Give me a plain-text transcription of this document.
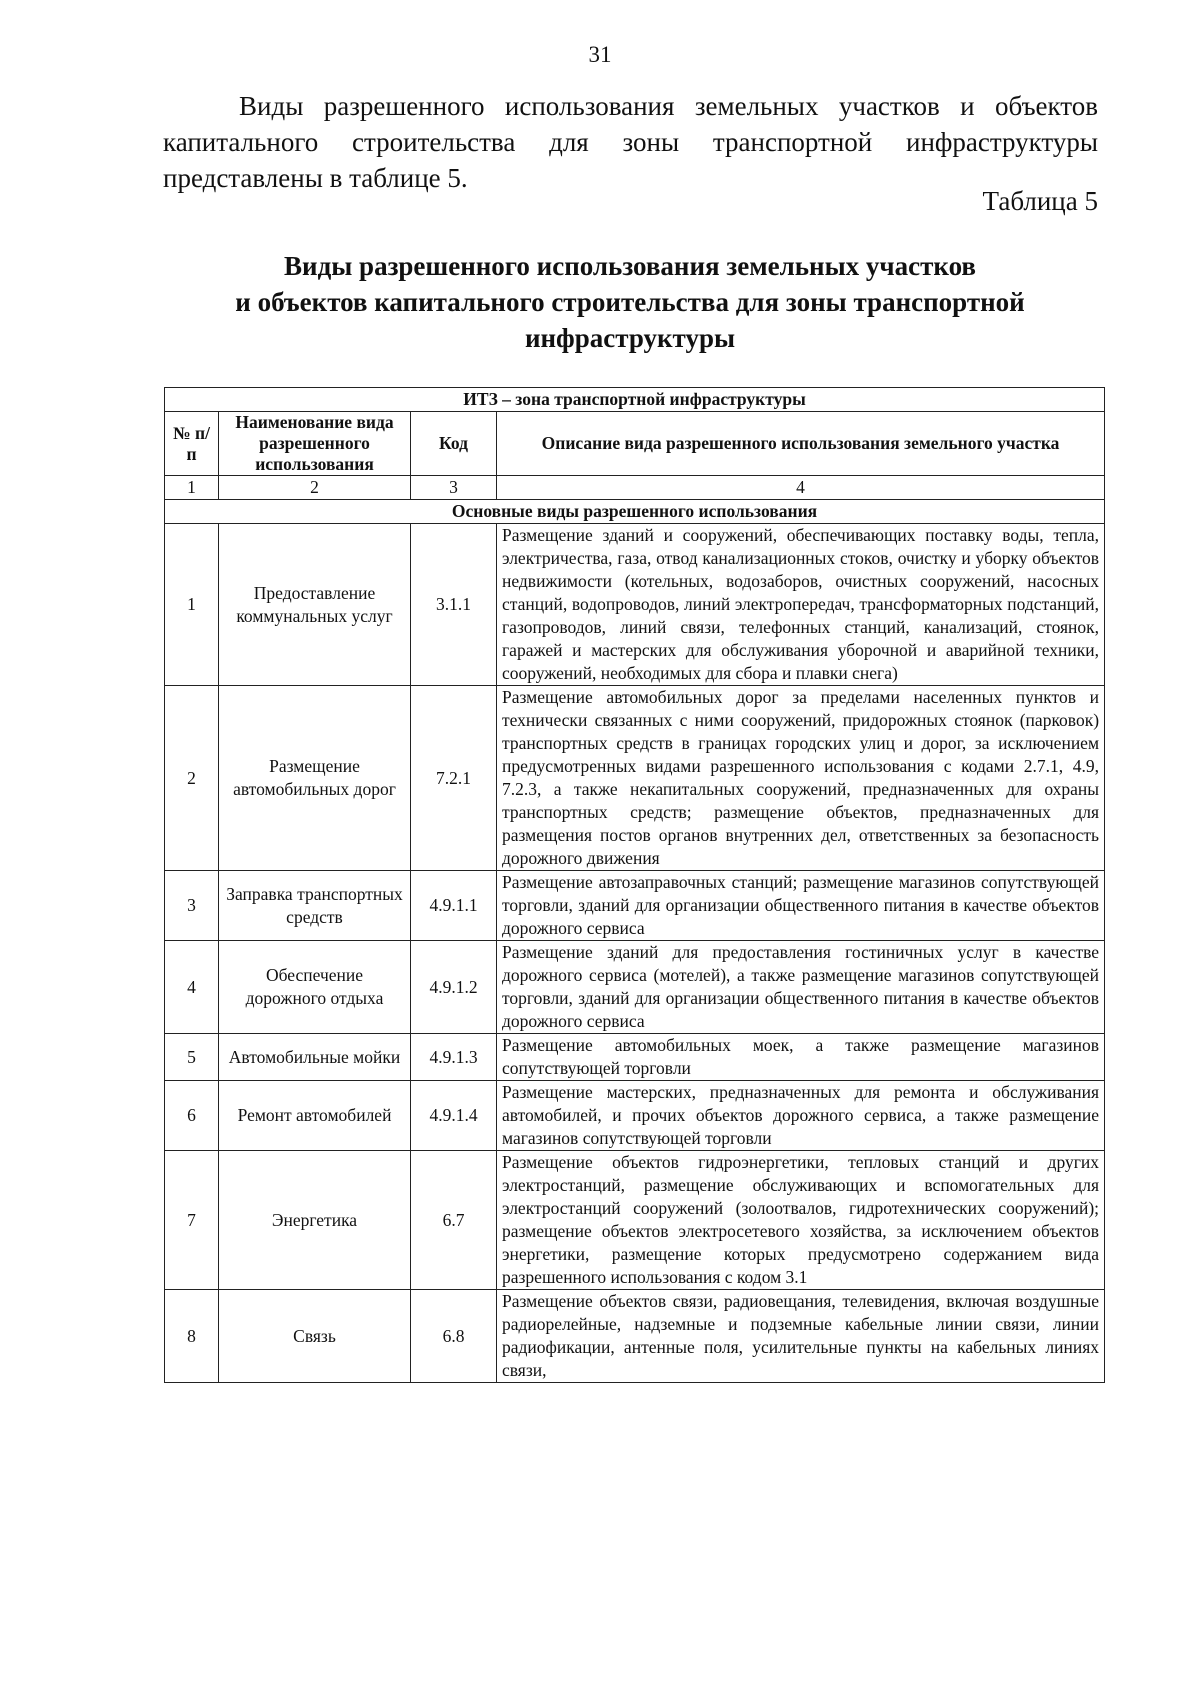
31

Виды разрешенного использования земельных участков и объектов капитального строительства для зоны транспортной инфраструктуры представлены в таблице 5.

Таблица 5
Виды разрешенного использования земельных участков
и объектов капитального строительства для зоны транспортной
инфраструктуры
ИТЗ – зона транспортной инфраструктуры			
№ п/п	Наименование вида разрешенного использования	Код	Описание вида разрешенного использования земельного участка
1	2	3	4
Основные виды разрешенного использования			
1	Предоставление коммунальных услуг	3.1.1	Размещение зданий и сооружений, обеспечивающих поставку воды, тепла, электричества, газа, отвод канализационных стоков, очистку и уборку объектов недвижимости (котельных, водозаборов, очистных сооружений, насосных станций, водопроводов, линий электропередач, трансформаторных подстанций, газопроводов, линий связи, телефонных станций, канализаций, стоянок, гаражей и мастерских для обслуживания уборочной и аварийной техники, сооружений, необходимых для сбора и плавки снега)
2	Размещение автомобильных дорог	7.2.1	Размещение автомобильных дорог за пределами населенных пунктов и технически связанных с ними сооружений, придорожных стоянок (парковок) транспортных средств в границах городских улиц и дорог, за исключением предусмотренных видами разрешенного использования с кодами 2.7.1, 4.9, 7.2.3, а также некапитальных сооружений, предназначенных для охраны транспортных средств; размещение объектов, предназначенных для размещения постов органов внутренних дел, ответственных за безопасность дорожного движения
3	Заправка транспортных средств	4.9.1.1	Размещение автозаправочных станций; размещение магазинов сопутствующей торговли, зданий для организации общественного питания в качестве объектов дорожного сервиса
4	Обеспечение дорожного отдыха	4.9.1.2	Размещение зданий для предоставления гостиничных услуг в качестве дорожного сервиса (мотелей), а также размещение магазинов сопутствующей торговли, зданий для организации общественного питания в качестве объектов дорожного сервиса
5	Автомобильные мойки	4.9.1.3	Размещение автомобильных моек, а также размещение магазинов сопутствующей торговли
6	Ремонт автомобилей	4.9.1.4	Размещение мастерских, предназначенных для ремонта и обслуживания автомобилей, и прочих объектов дорожного сервиса, а также размещение магазинов сопутствующей торговли
7	Энергетика	6.7	Размещение объектов гидроэнергетики, тепловых станций и других электростанций, размещение обслуживающих и вспомогательных для электростанций сооружений (золоотвалов, гидротехнических сооружений); размещение объектов электросетевого хозяйства, за исключением объектов энергетики, размещение которых предусмотрено содержанием вида разрешенного использования с кодом 3.1
8	Связь	6.8	Размещение объектов связи, радиовещания, телевидения, включая воздушные радиорелейные, надземные и подземные кабельные линии связи, линии радиофикации, антенные поля, усилительные пункты на кабельных линиях связи,
